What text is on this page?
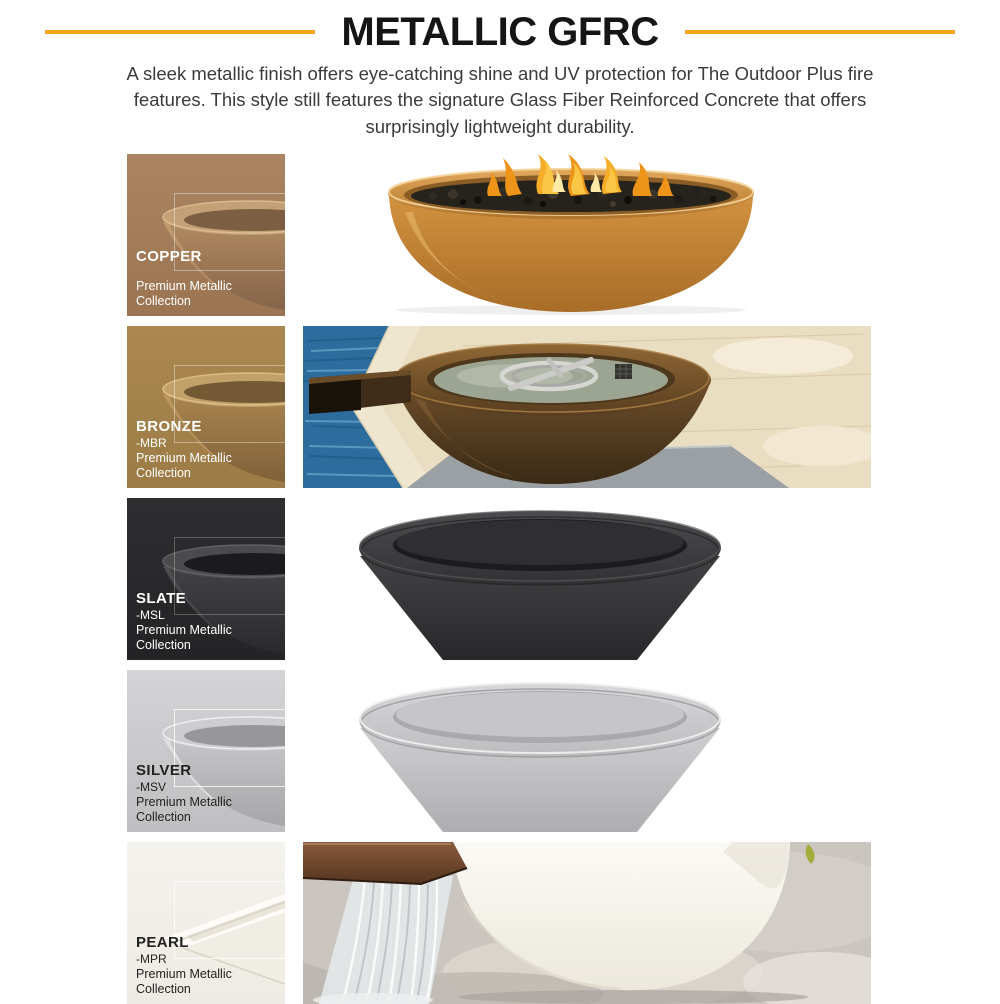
METALLIC GFRC

A sleek metallic finish offers eye-catching shine and UV protection for The Outdoor Plus fire features. This style still features the signature Glass Fiber Reinforced Concrete that offers surprisingly lightweight durability.

COPPER
Premium Metallic Collection
BRONZE
-MBR
Premium Metallic Collection
SLATE
-MSL
Premium Metallic Collection
SILVER
-MSV
Premium Metallic Collection
PEARL
-MPR
Premium Metallic Collection
